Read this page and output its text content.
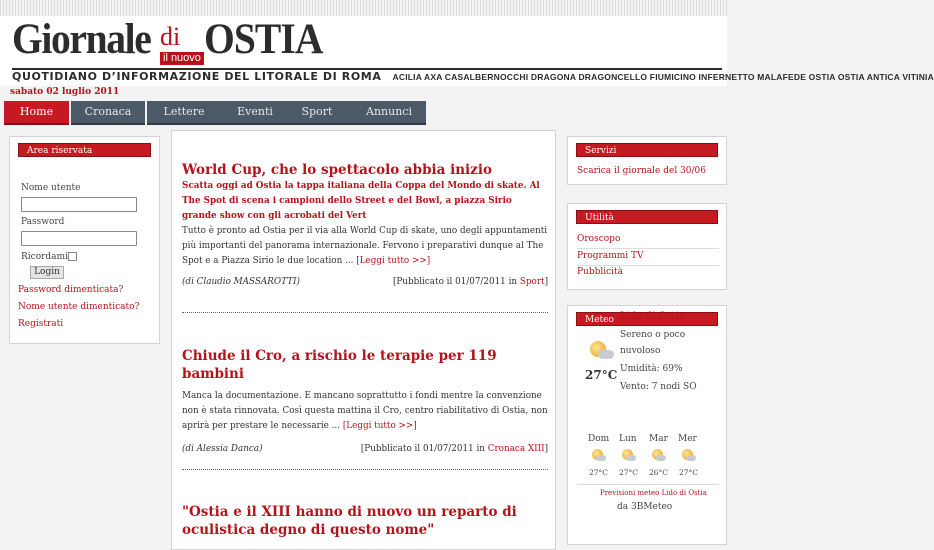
Giornale di
il nuovo OSTIA
QUOTIDIANO D’INFORMAZIONE DEL LITORALE DI ROMA ACILIA AXA CASALBERNOCCHI DRAGONA DRAGONCELLO FIUMICINO INFERNETTO MALAFEDE OSTIA OSTIA ANTICA VITINIA
sabato 02 luglio 2011
Home	Cronaca	Lettere	Eventi	Sport	Annunci
Area riservata
Nome utente
Password
Ricordami
Login
Password dimenticata?
Nome utente dimenticato?
Registrati
World Cup, che lo spettacolo abbia inizio
Scatta oggi ad Ostia la tappa italiana della Coppa del Mondo di skate. Al The Spot di scena i campioni dello Street e del Bowl, a piazza Sirio grande show con gli acrobati del Vert
Tutto è pronto ad Ostia per il via alla World Cup di skate, uno degli appuntamenti più importanti del panorama internazionale. Fervono i preparativi dunque al The Spot e a Piazza Sirio le due location ... [Leggi tutto >>]
(di Claudio MASSAROTTI)	[Pubblicato il 01/07/2011 in Sport]
Chiude il Cro, a rischio le terapie per 119 bambini
Manca la documentazione. E mancano soprattutto i fondi mentre la convenzione non è stata rinnovata. Così questa mattina il Cro, centro riabilitativo di Ostia, non aprirà per prestare le necessarie ... [Leggi tutto >>]
(di Alessia Danca)	[Pubblicato il 01/07/2011 in Cronaca XIII]
"Ostia e il XIII hanno di nuovo un reparto di oculistica degno di questo nome"
Servizi
Scarica il giornale del 30/06
Utilità
Oroscopo
Programmi TV
Pubblicità
Meteo Lido di Ostia
27°C
Sereno o poco
nuvoloso
Umidità: 69%
Vento: 7 nodi SO
Dom Lun Mar Mer
27°C 27°C 26°C 27°C
Previsioni meteo Lido di Ostia
da 3BMeteo
